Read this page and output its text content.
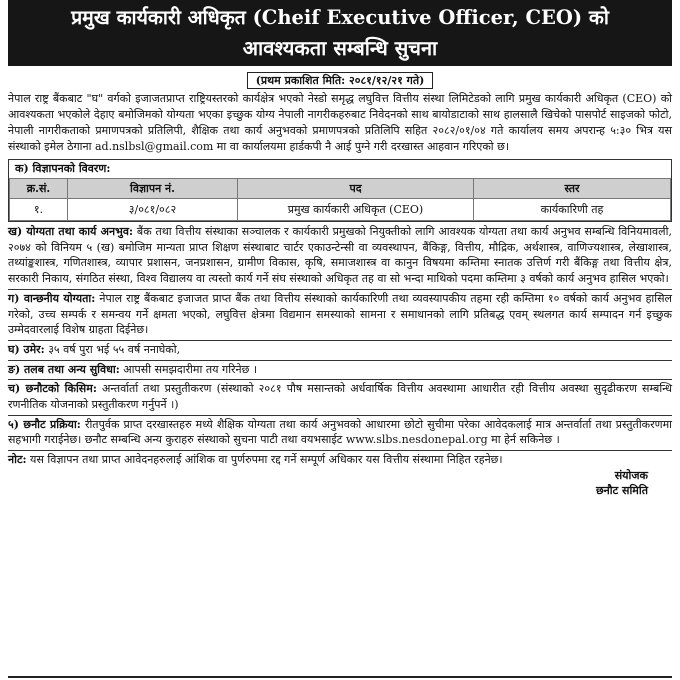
प्रमुख कार्यकारी अधिकृत (Cheif Executive Officer, CEO) को
आवश्यकता सम्बन्धि सुचना
(प्रथम प्रकाशित मिति: २०८१/१२/२१ गते)

नेपाल राष्ट्र बैंकबाट "घ" वर्गको इजाजतप्राप्त राष्ट्रियस्तरको कार्यक्षेत्र भएको नेस्डो समृद्ध लघुवित्त वित्तीय संस्था लिमिटेडको लागि प्रमुख कार्यकारी अधिकृत (CEO) को आवश्यकता भएकोले देहाए बमोजिमको योग्यता भएका इच्छुक योग्य नेपाली नागरीकहरुबाट निवेदनको साथ बायोडाटाको साथ हालसालै खिचेको पासपोर्ट साइजको फोटो, नेपाली नागरीकताको प्रमाणपत्रको प्रतिलिपी, शैक्षिक तथा कार्य अनुभवको प्रमाणपत्रको प्रतिलिपि सहित २०८२/०१/०४ गते कार्यालय समय अपरान्ह ५:३० भित्र यस संस्थाको इमेल ठेगाना ad.nslbsl@gmail.com मा वा कार्यालयमा हार्डकपी नै आई पुग्ने गरी दरखास्त आहवान गरिएको छ।

क) विज्ञापनको विवरण:
क्र.सं.	विज्ञापन नं.	पद	स्तर
१.	३/०८१/०८२	प्रमुख कार्यकारी अधिकृत (CEO)	कार्यकारिणी तह

ख) योग्यता तथा कार्य अनभुव: बैंक तथा वित्तीय संस्थाका सञ्चालक र कार्यकारी प्रमुखको नियुक्तीको लागि आवश्यक योग्यता तथा कार्य अनुभव सम्बन्धि विनियमावली, २०७४ को विनियम ५ (ख) बमोजिम मान्यता प्राप्त शिक्षण संस्थाबाट चार्टर एकाउन्टेन्सी वा व्यवस्थापन, बैंकिङ्ग, वित्तीय, मौद्रिक, अर्थशास्त्र, वाणिज्यशास्त्र, लेखाशास्त्र, तथ्यांङ्कशास्त्र, गणितशास्त्र, व्यापार प्रशासन, जनप्रशासन, ग्रामीण विकास, कृषि, समाजशास्त्र वा कानुन विषयमा कम्तिमा स्नातक उत्तिर्ण गरी बैंकिङ्ग तथा वित्तीय क्षेत्र, सरकारी निकाय, संगठित संस्था, विश्व विद्यालय वा त्यस्तो कार्य गर्ने संघ संस्थाको अधिकृत तह वा सो भन्दा माथिको पदमा कम्तिमा ३ वर्षको कार्य अनुभव हासिल भएको।

ग) वान्छनीय योग्यता: नेपाल राष्ट्र बैंकबाट इजाजत प्राप्त बैंक तथा वित्तीय संस्थाको कार्यकारिणी तथा व्यवस्यापकीय तहमा रही कम्तिमा १० वर्षको कार्य अनुभव हासिल गरेको, उच्च सम्पर्क र समन्वय गर्ने क्षमता भएको, लघुवित्त क्षेत्रमा विद्यमान समस्याको सामना र समाधानको लागि प्रतिबद्ध एवम् स्थलगत कार्य सम्पादन गर्न इच्छुक उम्मेदवारलाई विशेष ग्राहता दिईनेछ।

घ) उमेर: ३५ वर्ष पुरा भई ५५ वर्ष ननाघेको,

ङ) तलब तथा अन्य सुविधा: आपसी समझदारीमा तय गरिनेछ ।

च) छनौटको किसिम: अन्तर्वार्ता तथा प्रस्तुतीकरण (संस्थाको २०८१ पौष मसान्तको अर्धवार्षिक वित्तीय अवस्थामा आधारीत रही वित्तीय अवस्था सुदृढीकरण सम्बन्धि रणनीतिक योजनाको प्रस्तुतीकरण गर्नुपर्ने ।)

५) छनौट प्रक्रिया: रीतपुर्वक प्राप्त दरखास्तहरु मध्ये शैक्षिक योग्यता तथा कार्य अनुभवको आधारमा छोटो सुचीमा परेका आवेदकलाई मात्र अन्तर्वार्ता तथा प्रस्तुतीकरणमा सहभागी गराईनेछ। छनौट सम्बन्धि अन्य कुराहरु संस्थाको सुचना पाटी तथा वयभसाईट www.slbs.nesdonepal.org मा हेर्न सकिनेछ ।

नोट: यस विज्ञापन तथा प्राप्त आवेदनहरुलाई आंशिक वा पुर्णरुपमा रद्द गर्ने सम्पूर्ण अधिकार यस वित्तीय संस्थामा निहित रहनेछ।

संयोजक
छनौट समिति
